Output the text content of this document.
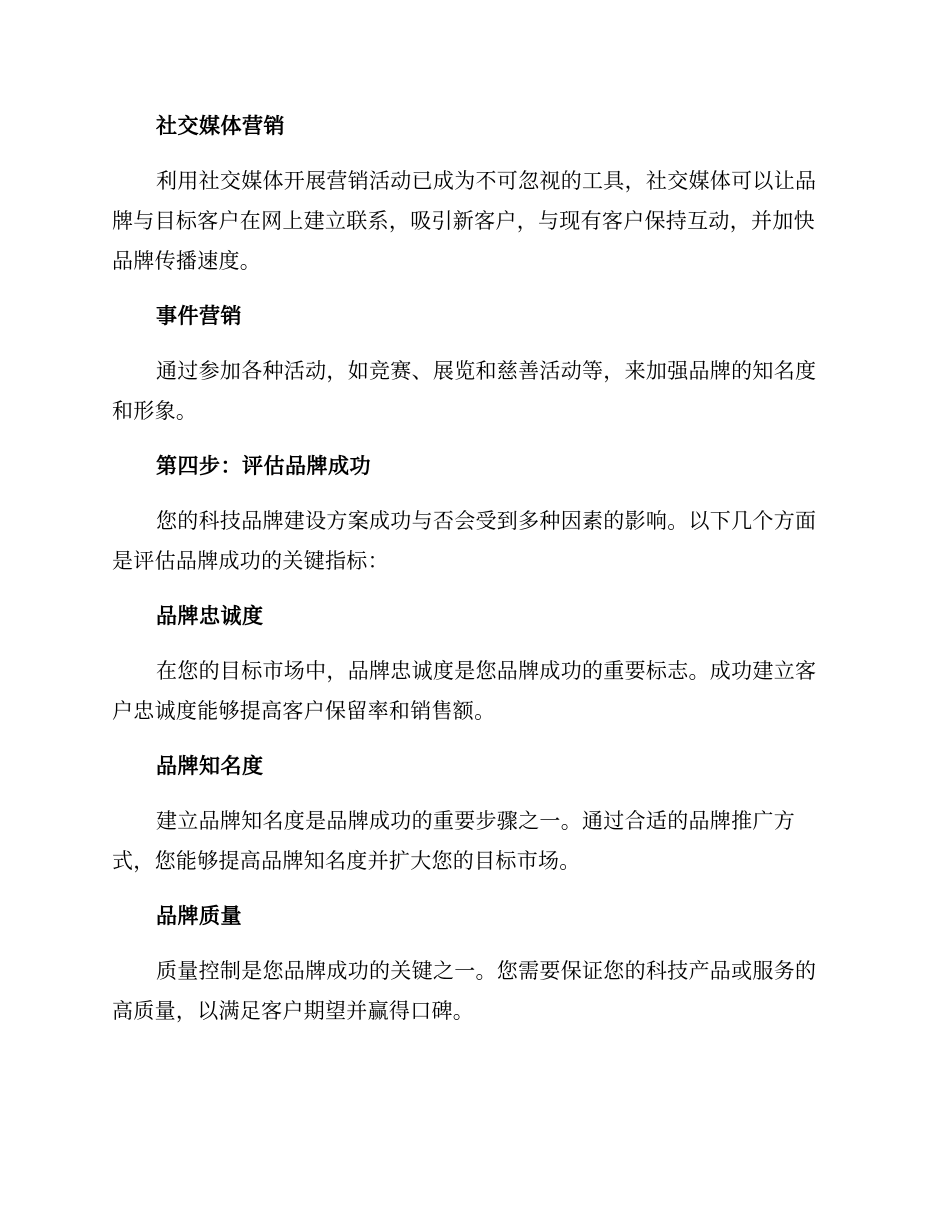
社交媒体营销

利用社交媒体开展营销活动已成为不可忽视的工具，社交媒体可以让品牌与目标客户在网上建立联系，吸引新客户，与现有客户保持互动，并加快品牌传播速度。

事件营销

通过参加各种活动，如竞赛、展览和慈善活动等，来加强品牌的知名度和形象。

第四步：评估品牌成功

您的科技品牌建设方案成功与否会受到多种因素的影响。以下几个方面是评估品牌成功的关键指标：

品牌忠诚度

在您的目标市场中，品牌忠诚度是您品牌成功的重要标志。成功建立客户忠诚度能够提高客户保留率和销售额。

品牌知名度

建立品牌知名度是品牌成功的重要步骤之一。通过合适的品牌推广方式，您能够提高品牌知名度并扩大您的目标市场。

品牌质量

质量控制是您品牌成功的关键之一。您需要保证您的科技产品或服务的高质量，以满足客户期望并赢得口碑。
